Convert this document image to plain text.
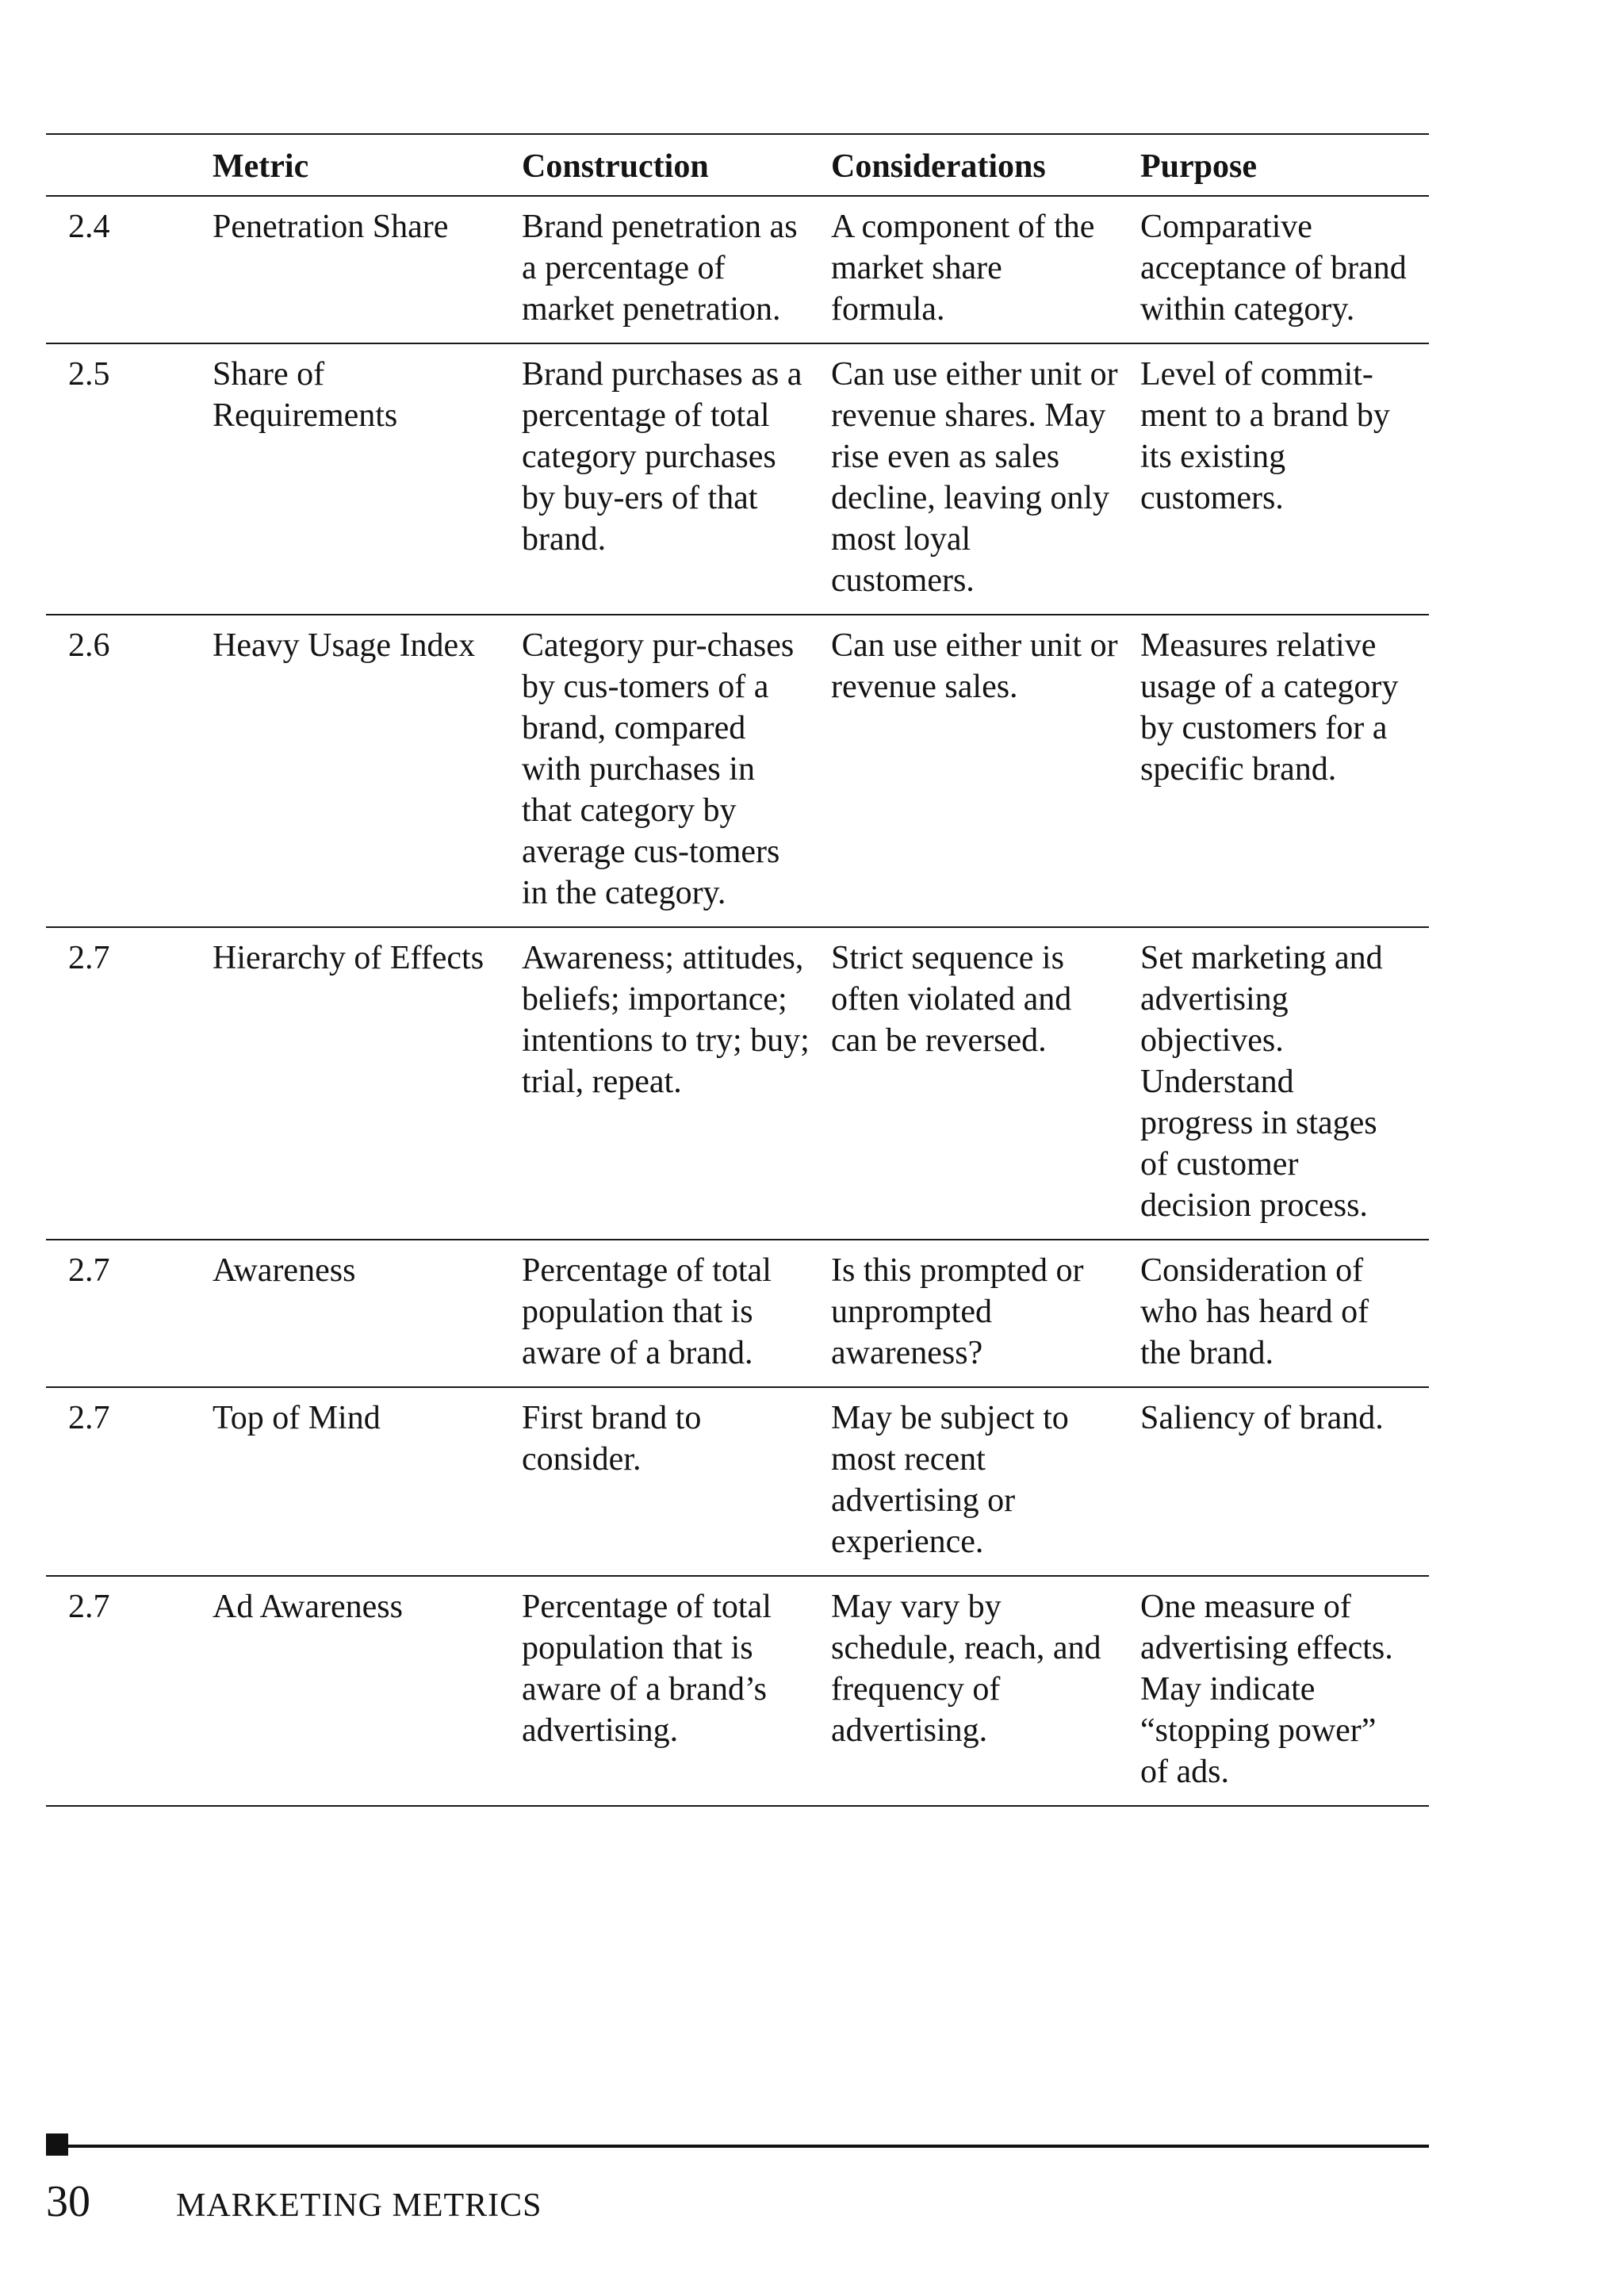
	Metric	Construction	Considerations	Purpose
2.4	Penetration Share	Brand penetration as a percentage of market penetration.	A component of the market share formula.	Comparative acceptance of brand within category.
2.5	Share of Requirements	Brand purchases as a percentage of total category purchases by buy-ers of that brand.	Can use either unit or revenue shares. May rise even as sales decline, leaving only most loyal customers.	Level of commit-ment to a brand by its existing customers.
2.6	Heavy Usage Index	Category pur-chases by cus-tomers of a brand, compared with purchases in that category by average cus-tomers in the category.	Can use either unit or revenue sales.	Measures relative usage of a category by customers for a specific brand.
2.7	Hierarchy of Effects	Awareness; attitudes, beliefs; importance; intentions to try; buy; trial, repeat.	Strict sequence is often violated and can be reversed.	Set marketing and advertising objectives. Understand progress in stages of customer decision process.
2.7	Awareness	Percentage of total population that is aware of a brand.	Is this prompted or unprompted awareness?	Consideration of who has heard of the brand.
2.7	Top of Mind	First brand to consider.	May be subject to most recent advertising or experience.	Saliency of brand.
2.7	Ad Awareness	Percentage of total population that is aware of a brand’s advertising.	May vary by schedule, reach, and frequency of advertising.	One measure of advertising effects. May indicate “stopping power” of ads.
30	MARKETING METRICS
